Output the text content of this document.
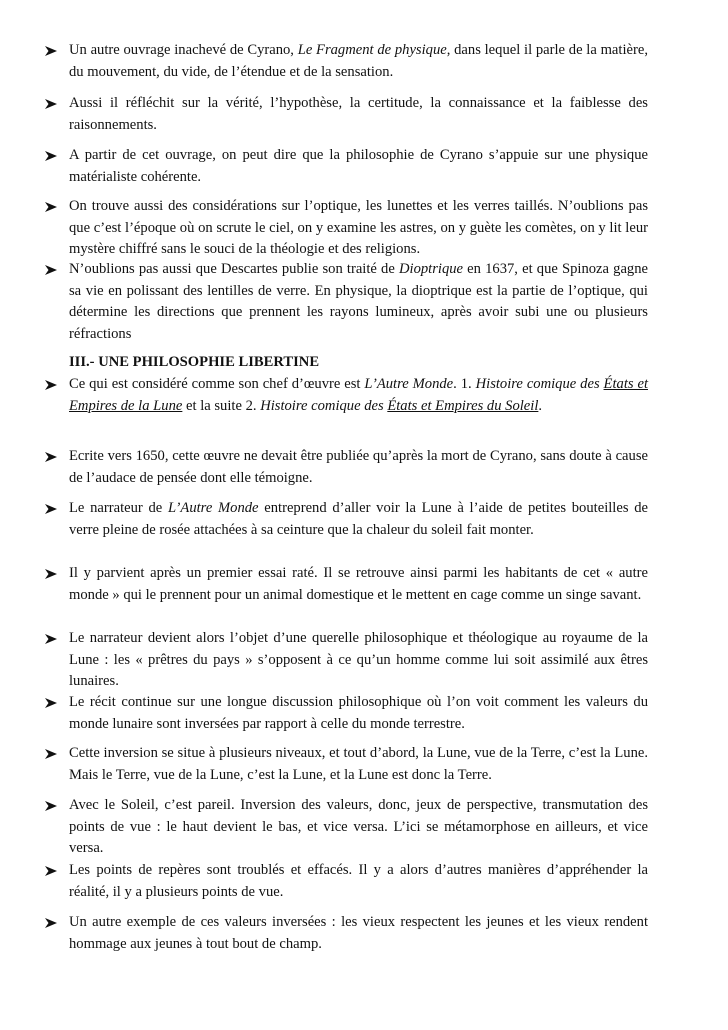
Un autre ouvrage inachevé de Cyrano, Le Fragment de physique, dans lequel il parle de la matière, du mouvement, du vide, de l’étendue et de la sensation.
Aussi il réfléchit sur la vérité, l’hypothèse, la certitude, la connaissance et la faiblesse des raisonnements.
A partir de cet ouvrage, on peut dire que la philosophie de Cyrano s’appuie sur une physique matérialiste cohérente.
On trouve aussi des considérations sur l’optique, les lunettes et les verres taillés. N’oublions pas que c’est l’époque où on scrute le ciel, on y examine les astres, on y guète les comètes, on y lit leur mystère chiffré sans le souci de la théologie et des religions.
N’oublions pas aussi que Descartes publie son traité de Dioptrique en 1637, et que Spinoza gagne sa vie en polissant des lentilles de verre. En physique, la dioptrique est la partie de l’optique, qui détermine les directions que prennent les rayons lumineux, après avoir subi une ou plusieurs réfractions
III.- UNE PHILOSOPHIE LIBERTINE
Ce qui est considéré comme son chef d’œuvre est L’Autre Monde. 1. Histoire comique des États et Empires de la Lune et la suite 2. Histoire comique des États et Empires du Soleil.
Ecrite vers 1650, cette œuvre ne devait être publiée qu’après la mort de Cyrano, sans doute à cause de l’audace de pensée dont elle témoigne.
Le narrateur de L’Autre Monde entreprend d’aller voir la Lune à l’aide de petites bouteilles de verre pleine de rosée attachées à sa ceinture que la chaleur du soleil fait monter.
Il y parvient après un premier essai raté. Il se retrouve ainsi parmi les habitants de cet « autre monde » qui le prennent pour un animal domestique et le mettent en cage comme un singe savant.
Le narrateur devient alors l’objet d’une querelle philosophique et théologique au royaume de la Lune : les « prêtres du pays » s’opposent à ce qu’un homme comme lui soit assimilé aux êtres lunaires.
Le récit continue sur une longue discussion philosophique où l’on voit comment les valeurs du monde lunaire sont inversées par rapport à celle du monde terrestre.
Cette inversion se situe à plusieurs niveaux, et tout d’abord, la Lune, vue de la Terre, c’est la Lune. Mais le Terre, vue de la Lune, c’est la Lune, et la Lune est donc la Terre.
Avec le Soleil, c’est pareil. Inversion des valeurs, donc, jeux de perspective, transmutation des points de vue : le haut devient le bas, et vice versa. L’ici se métamorphose en ailleurs, et vice versa.
Les points de repères sont troublés et effacés. Il y a alors d’autres manières d’appréhender la réalité, il y a plusieurs points de vue.
Un autre exemple de ces valeurs inversées : les vieux respectent les jeunes et les vieux rendent hommage aux jeunes à tout bout de champ.
